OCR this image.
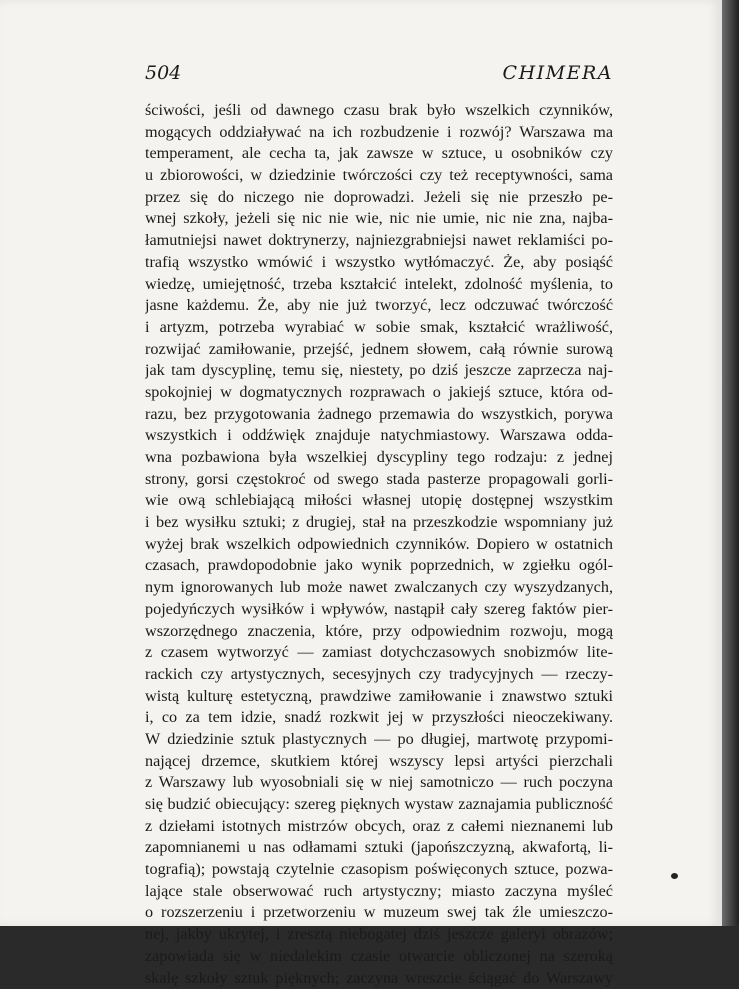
504	CHIMERA
ściwości, jeśli od dawnego czasu brak było wszelkich czynników,
mogących oddziaływać na ich rozbudzenie i rozwój? Warszawa ma
temperament, ale cecha ta, jak zawsze w sztuce, u osobników czy
u zbiorowości, w dziedzinie twórczości czy też receptywności, sama
przez się do niczego nie doprowadzi. Jeżeli się nie przeszło pe-
wnej szkoły, jeżeli się nic nie wie, nic nie umie, nic nie zna, najba-
łamutniejsi nawet doktrynerzy, najniezgrabniejsi nawet reklamiści po-
trafią wszystko wmówić i wszystko wytłómaczyć. Że, aby posiąść
wiedzę, umiejętność, trzeba kształcić intelekt, zdolność myślenia, to
jasne każdemu. Że, aby nie już tworzyć, lecz odczuwać twórczość
i artyzm, potrzeba wyrabiać w sobie smak, kształcić wrażliwość,
rozwijać zamiłowanie, przejść, jednem słowem, całą równie surową
jak tam dyscyplinę, temu się, niestety, po dziś jeszcze zaprzecza naj-
spokojniej w dogmatycznych rozprawach o jakiejś sztuce, która od-
razu, bez przygotowania żadnego przemawia do wszystkich, porywa
wszystkich i oddźwięk znajduje natychmiastowy. Warszawa odda-
wna pozbawiona była wszelkiej dyscypliny tego rodzaju: z jednej
strony, gorsi częstokroć od swego stada pasterze propagowali gorli-
wie ową schlebiającą miłości własnej utopię dostępnej wszystkim
i bez wysiłku sztuki; z drugiej, stał na przeszkodzie wspomniany już
wyżej brak wszelkich odpowiednich czynników. Dopiero w ostatnich
czasach, prawdopodobnie jako wynik poprzednich, w zgiełku ogól-
nym ignorowanych lub może nawet zwalczanych czy wyszydzanych,
pojedyńczych wysiłków i wpływów, nastąpił cały szereg faktów pier-
wszorzędnego znaczenia, które, przy odpowiednim rozwoju, mogą
z czasem wytworzyć — zamiast dotychczasowych snobizmów lite-
rackich czy artystycznych, secesyjnych czy tradycyjnych — rzeczy-
wistą kulturę estetyczną, prawdziwe zamiłowanie i znawstwo sztuki
i, co za tem idzie, snadź rozkwit jej w przyszłości nieoczekiwany.
W dziedzinie sztuk plastycznych — po długiej, martwotę przypomi-
nającej drzemce, skutkiem której wszyscy lepsi artyści pierzchali
z Warszawy lub wyosobniali się w niej samotniczo — ruch poczyna
się budzić obiecujący: szereg pięknych wystaw zaznajamia publiczność
z dziełami istotnych mistrzów obcych, oraz z całemi nieznanemi lub
zapomnianemi u nas odłamami sztuki (japońszczyzną, akwafortą, li-
tografią); powstają czytelnie czasopism poświęconych sztuce, pozwa-
lające stale obserwować ruch artystyczny; miasto zaczyna myśleć
o rozszerzeniu i przetworzeniu w muzeum swej tak źle umieszczo-
nej, jakby ukrytej, i zresztą niebogatej dziś jeszcze galeryi obrazów;
zapowiada się w niedalekim czasie otwarcie obliczonej na szeroką
skalę szkoły sztuk pięknych; zaczyna wreszcie ściągać do Warszawy
